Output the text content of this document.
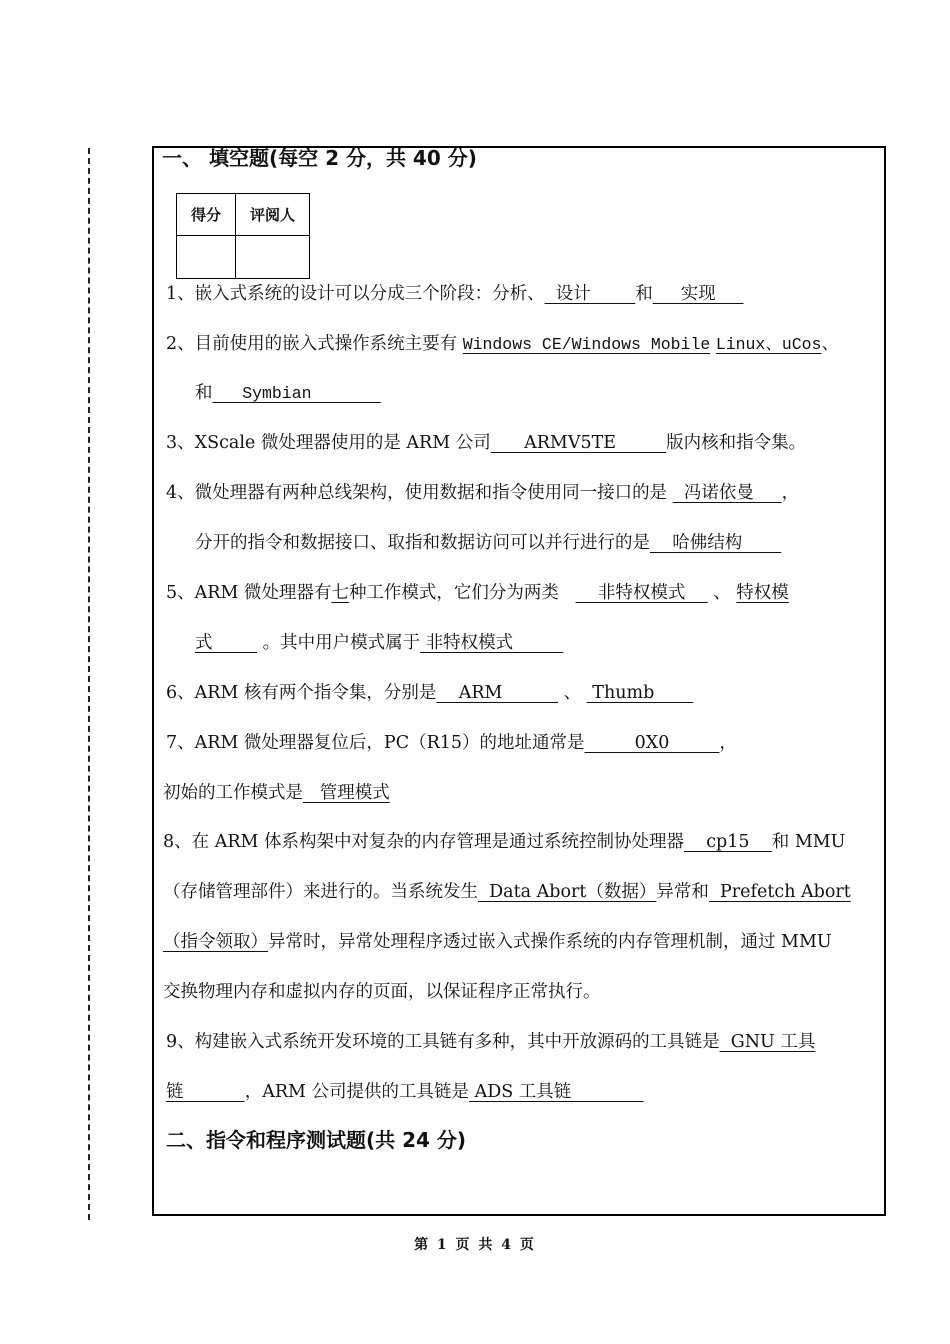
一、 填空题(每空 2 分，共 40 分)
得分	评阅人

1、嵌入式系统的设计可以分成三个阶段：分析、  设计        和     实现
2、目前使用的嵌入式操作系统主要有 Windows CE/Windows Mobile Linux、uCos、
和   Symbian
3、XScale 微处理器使用的是 ARM 公司      ARMV5TE         版内核和指令集。
4、微处理器有两种总线架构，使用数据和指令使用同一接口的是   冯诺依曼     ，
分开的指令和数据接口、取指和数据访问可以并行进行的是    哈佛结构
5、ARM 微处理器有七种工作模式，它们分为两类       非特权模式     、 特权模
式         。其中用户模式属于 非特权模式
6、ARM 核有两个指令集，分别是    ARM           、  Thumb
7、ARM 微处理器复位后，PC（R15）的地址通常是         0X0         ，
初始的工作模式是   管理模式
8、在 ARM 体系构架中对复杂的内存管理是通过系统控制协处理器    cp15    和 MMU
（存储管理部件）来进行的。当系统发生  Data Abort（数据）异常和  Prefetch Abort
（指令领取）异常时，异常处理程序透过嵌入式操作系统的内存管理机制，通过 MMU
交换物理内存和虚拟内存的页面，以保证程序正常执行。
9、构建嵌入式系统开发环境的工具链有多种，其中开放源码的工具链是  GNU 工具
链           ，ARM 公司提供的工具链是 ADS 工具链
二、指令和程序测试题(共 24 分)
第 1 页 共 4 页
